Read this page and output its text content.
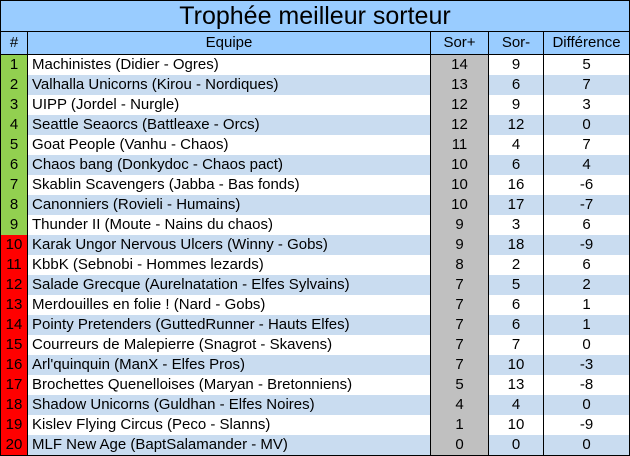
Trophée meilleur sorteur
#	Equipe	Sor+	Sor-	Différence
1 Machinistes (Didier - Ogres)	14	9	5
2 Valhalla Unicorns (Kirou - Nordiques)	13	6	7
3 UIPP (Jordel - Nurgle)	12	9	3
4 Seattle Seaorcs (Battleaxe - Orcs)	12	12	0
5 Goat People (Vanhu - Chaos)	11	4	7
6 Chaos bang (Donkydoc - Chaos pact)	10	6	4
7 Skablin Scavengers (Jabba - Bas fonds)	10	16	-6
8 Canonniers (Rovieli - Humains)	10	17	-7
9 Thunder II (Moute - Nains du chaos)	9	3	6
10 Karak Ungor Nervous Ulcers (Winny - Gobs)	9	18	-9
11 KbbK (Sebnobi - Hommes lezards)	8	2	6
12 Salade Grecque (Aurelnatation - Elfes Sylvains)	7	5	2
13 Merdouilles en folie ! (Nard - Gobs)	7	6	1
14 Pointy Pretenders (GuttedRunner - Hauts Elfes)	7	6	1
15 Courreurs de Malepierre (Snagrot - Skavens)	7	7	0
16 Arl'quinquin (ManX - Elfes Pros)	7	10	-3
17 Brochettes Quenelloises (Maryan - Bretonniens)	5	13	-8
18 Shadow Unicorns (Guldhan - Elfes Noires)	4	4	0
19 Kislev Flying Circus (Peco - Slanns)	1	10	-9
20 MLF New Age (BaptSalamander - MV)	0	0	0
